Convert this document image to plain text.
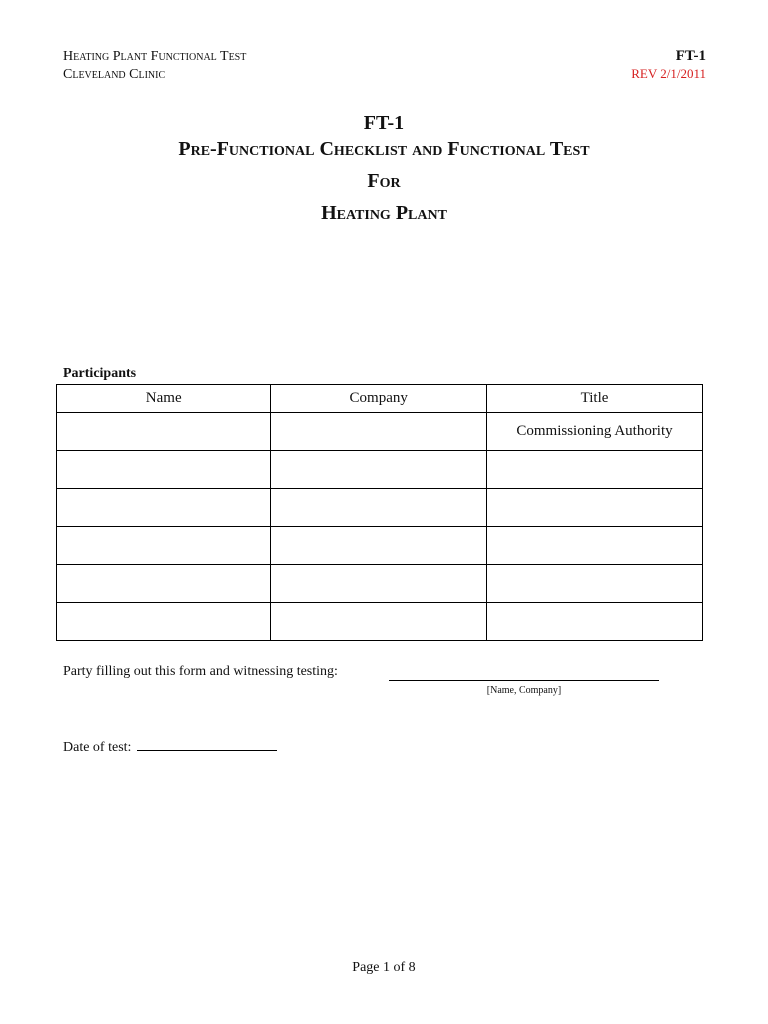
Heating Plant Functional Test
Cleveland Clinic
FT-1
REV 2/1/2011
FT-1
Pre-Functional Checklist and Functional Test
For
Heating Plant
Participants
Name	Company	Title
		Commissioning Authority

Party filling out this form and witnessing testing:
[Name, Company]
Date of test:
Page 1 of 8
